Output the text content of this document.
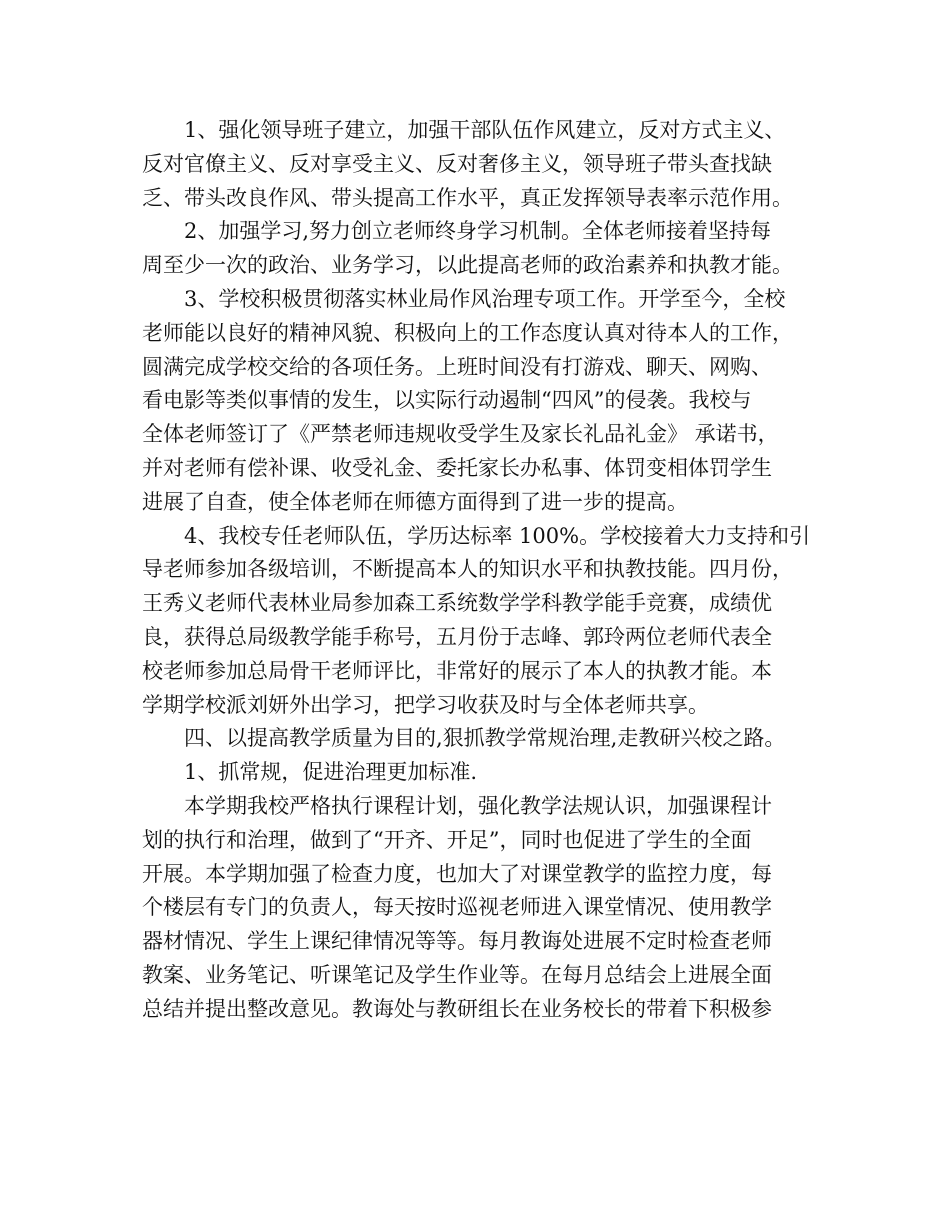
1、强化领导班子建立，加强干部队伍作风建立，反对方式主义、
反对官僚主义、反对享受主义、反对奢侈主义，领导班子带头查找缺
乏、带头改良作风、带头提高工作水平，真正发挥领导表率示范作用。
2、加强学习,努力创立老师终身学习机制。全体老师接着坚持每
周至少一次的政治、业务学习，以此提高老师的政治素养和执教才能。
3、学校积极贯彻落实林业局作风治理专项工作。开学至今，全校
老师能以良好的精神风貌、积极向上的工作态度认真对待本人的工作，
圆满完成学校交给的各项任务。上班时间没有打游戏、聊天、网购、
看电影等类似事情的发生，以实际行动遏制“四风”的侵袭。我校与
全体老师签订了《严禁老师违规收受学生及家长礼品礼金》 承诺书，
并对老师有偿补课、收受礼金、委托家长办私事、体罚变相体罚学生
进展了自查，使全体老师在师德方面得到了进一步的提高。
4、我校专任老师队伍，学历达标率 100%。学校接着大力支持和引
导老师参加各级培训，不断提高本人的知识水平和执教技能。四月份，
王秀义老师代表林业局参加森工系统数学学科教学能手竞赛，成绩优
良，获得总局级教学能手称号，五月份于志峰、郭玲两位老师代表全
校老师参加总局骨干老师评比，非常好的展示了本人的执教才能。本
学期学校派刘妍外出学习，把学习收获及时与全体老师共享。
四、以提高教学质量为目的,狠抓教学常规治理,走教研兴校之路。
1、抓常规，促进治理更加标准.
本学期我校严格执行课程计划，强化教学法规认识，加强课程计
划的执行和治理，做到了“开齐、开足”，同时也促进了学生的全面
开展。本学期加强了检查力度，也加大了对课堂教学的监控力度，每
个楼层有专门的负责人，每天按时巡视老师进入课堂情况、使用教学
器材情况、学生上课纪律情况等等。每月教诲处进展不定时检查老师
教案、业务笔记、听课笔记及学生作业等。在每月总结会上进展全面
总结并提出整改意见。教诲处与教研组长在业务校长的带着下积极参
